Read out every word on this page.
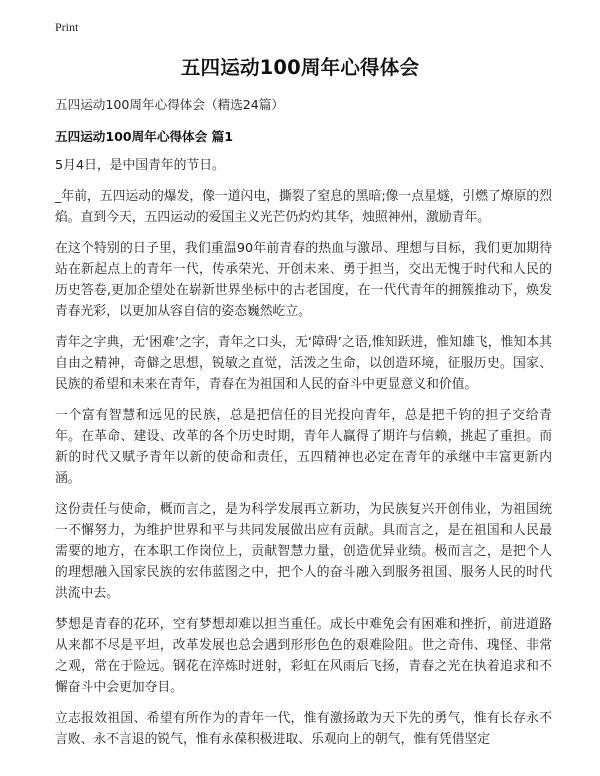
Print
五四运动100周年心得体会

五四运动100周年心得体会（精选24篇）

五四运动100周年心得体会 篇1

5月4日，是中国青年的节日。

_年前，五四运动的爆发，像一道闪电，撕裂了窒息的黑暗;像一点星燧，引燃了燎原的烈焰。直到今天，五四运动的爱国主义光芒仍灼灼其华，烛照神州，激励青年。

在这个特别的日子里，我们重温90年前青春的热血与激昂、理想与目标，我们更加期待站在新起点上的青年一代，传承荣光、开创未来、勇于担当，交出无愧于时代和人民的历史答卷,更加企望处在崭新世界坐标中的古老国度，在一代代青年的拥簇推动下，焕发青春光彩，以更加从容自信的姿态巍然屹立。

青年之字典，无‘困难’之字，青年之口头，无‘障碍’之语,惟知跃进，惟知雄飞，惟知本其自由之精神，奇僻之思想，锐敏之直觉，活泼之生命，以创造环境，征服历史。国家、民族的希望和未来在青年，青春在为祖国和人民的奋斗中更显意义和价值。

一个富有智慧和远见的民族，总是把信任的目光投向青年，总是把千钧的担子交给青年。在革命、建设、改革的各个历史时期，青年人赢得了期许与信赖，挑起了重担。而新的时代又赋予青年以新的使命和责任，五四精神也必定在青年的承继中丰富更新内涵。

这份责任与使命，概而言之，是为科学发展再立新功，为民族复兴开创伟业，为祖国统一不懈努力，为维护世界和平与共同发展做出应有贡献。具而言之，是在祖国和人民最需要的地方，在本职工作岗位上，贡献智慧力量，创造优异业绩。极而言之，是把个人的理想融入国家民族的宏伟蓝图之中，把个人的奋斗融入到服务祖国、服务人民的时代洪流中去。

梦想是青春的花环，空有梦想却难以担当重任。成长中难免会有困难和挫折，前进道路从来都不尽是平坦，改革发展也总会遇到形形色色的艰难险阻。世之奇伟、瑰怪、非常之观，常在于险远。钢花在淬炼时迸射，彩虹在风雨后飞扬，青春之光在执着追求和不懈奋斗中会更加夺目。

立志报效祖国、希望有所作为的青年一代，惟有激扬敢为天下先的勇气，惟有长存永不言败、永不言退的锐气，惟有永葆积极进取、乐观向上的朝气，惟有凭借坚定
